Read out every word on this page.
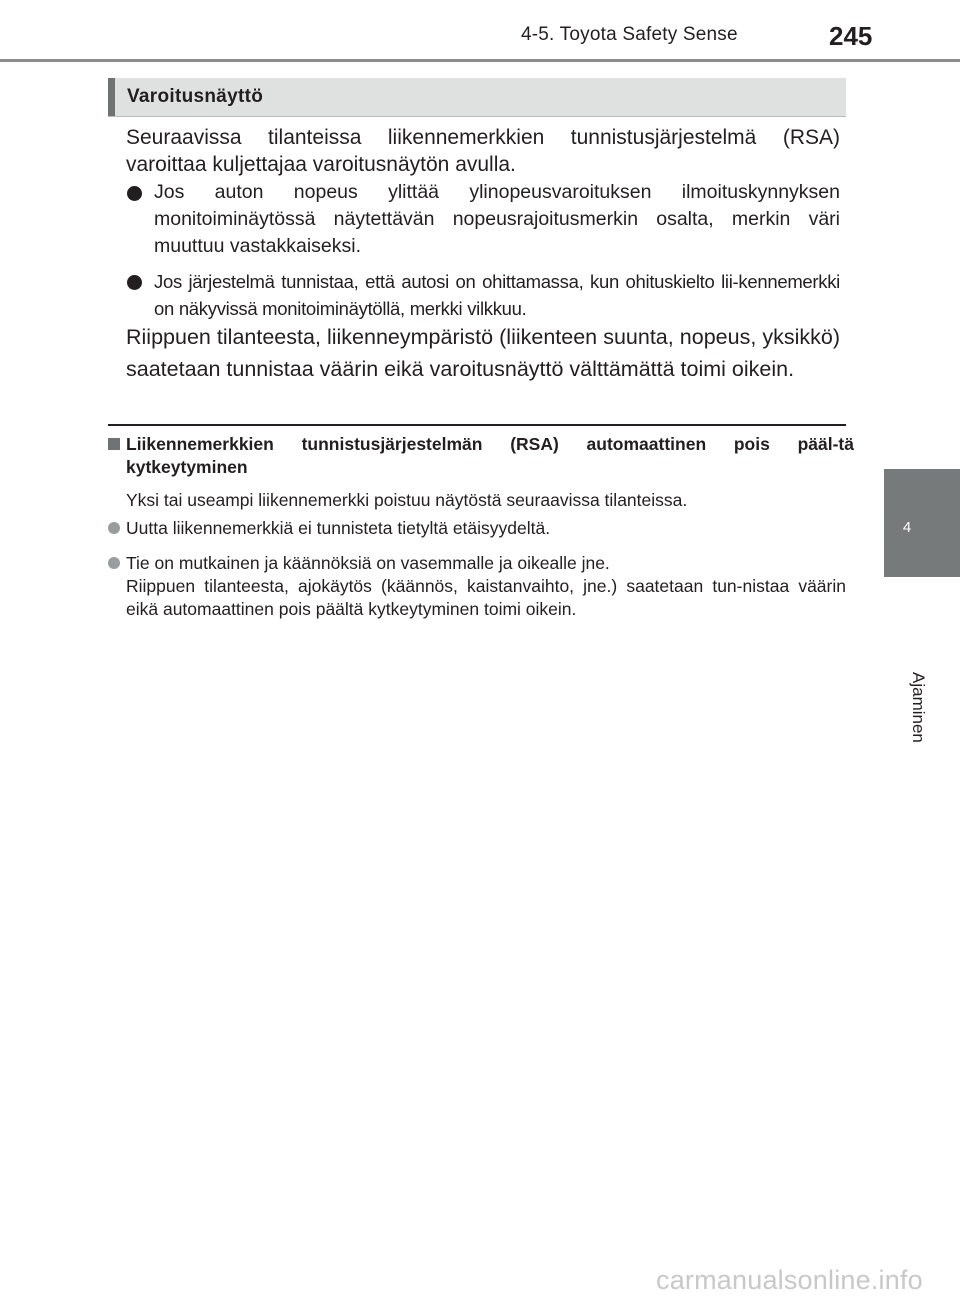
4-5. Toyota Safety Sense	245
4
Ajaminen
Varoitusnäyttö
Seuraavissa tilanteissa liikennemerkkien tunnistusjärjestelmä (RSA) varoittaa kuljettajaa varoitusnäytön avulla.
Jos auton nopeus ylittää ylinopeusvaroituksen ilmoituskynnyksen monitoiminäytössä näytettävän nopeusrajoitusmerkin osalta, merkin väri muuttuu vastakkaiseksi.
Jos järjestelmä tunnistaa, että autosi on ohittamassa, kun ohituskielto lii-kennemerkki on näkyvissä monitoiminäytöllä, merkki vilkkuu.
Riippuen tilanteesta, liikenneympäristö (liikenteen suunta, nopeus, yksikkö) saatetaan tunnistaa väärin eikä varoitusnäyttö välttämättä toimi oikein.
Liikennemerkkien tunnistusjärjestelmän (RSA) automaattinen pois pääl-tä kytkeytyminen
Yksi tai useampi liikennemerkki poistuu näytöstä seuraavissa tilanteissa.
Uutta liikennemerkkiä ei tunnisteta tietyltä etäisyydeltä.
Tie on mutkainen ja käännöksiä on vasemmalle ja oikealle jne.
Riippuen tilanteesta, ajokäytös (käännös, kaistanvaihto, jne.) saatetaan tun-nistaa väärin eikä automaattinen pois päältä kytkeytyminen toimi oikein.
carmanualsonline.info
